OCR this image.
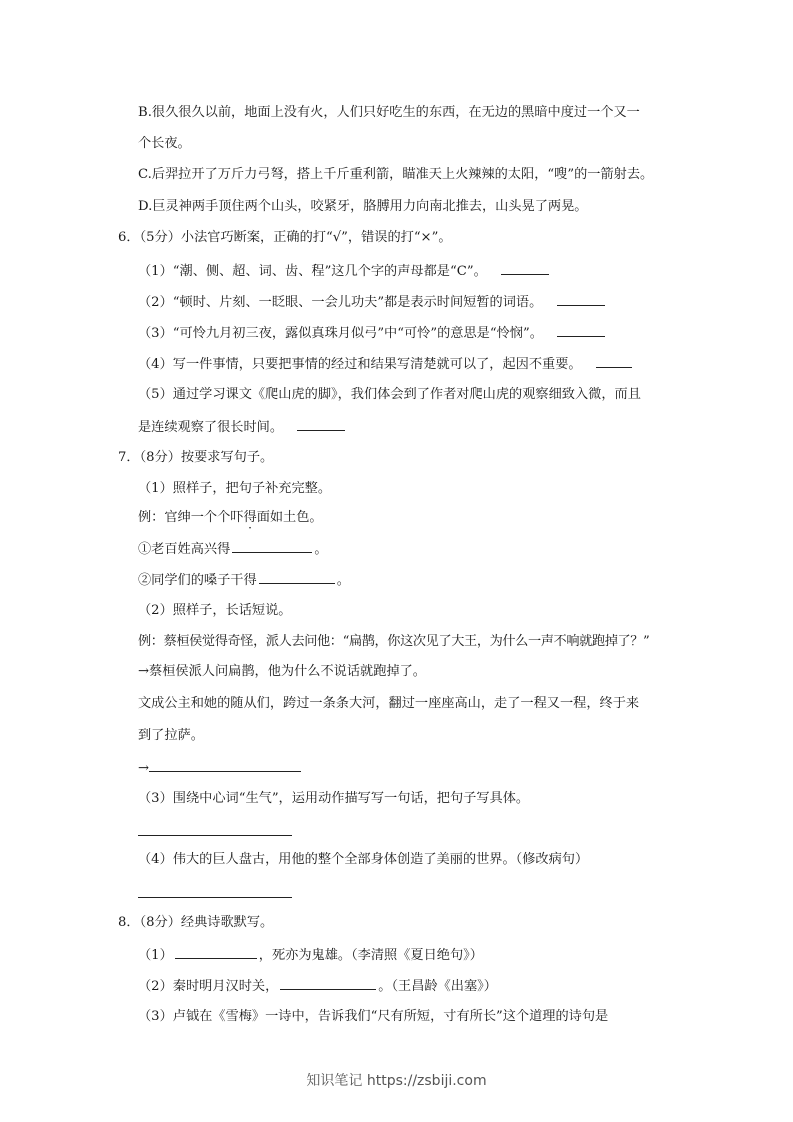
B.很久很久以前，地面上没有火，人们只好吃生的东西，在无边的黑暗中度过一个又一
个长夜。
C.后羿拉开了万斤力弓弩，搭上千斤重利箭，瞄准天上火辣辣的太阳，“嗖”的一箭射去。
D.巨灵神两手顶住两个山头，咬紧牙，胳膊用力向南北推去，山头晃了两晃。
6．（5分）小法官巧断案，正确的打“√”，错误的打“×”。
（1）“潮、侧、超、词、齿、程”这几个字的声母都是“C”。
（2）“顿时、片刻、一眨眼、一会儿功夫”都是表示时间短暂的词语。
（3）“可怜九月初三夜，露似真珠月似弓”中“可怜”的意思是“怜悯”。
（4）写一件事情，只要把事情的经过和结果写清楚就可以了，起因不重要。
（5）通过学习课文《爬山虎的脚》，我们体会到了作者对爬山虎的观察细致入微，而且
是连续观察了很长时间。
7．（8分）按要求写句子。
（1）照样子，把句子补充完整。
例：官绅一个个吓得面如土色。
①老百姓高兴得	。
②同学们的嗓子干得	。
（2）照样子，长话短说。
例：蔡桓侯觉得奇怪，派人去问他：“扁鹊，你这次见了大王，为什么一声不响就跑掉了？”
→蔡桓侯派人问扁鹊，他为什么不说话就跑掉了。
文成公主和她的随从们，跨过一条条大河，翻过一座座高山，走了一程又一程，终于来
到了拉萨。
→
（3）围绕中心词“生气”，运用动作描写写一句话，把句子写具体。
（4）伟大的巨人盘古，用他的整个全部身体创造了美丽的世界。（修改病句）
8．（8分）经典诗歌默写。
（1）	，死亦为鬼雄。（李清照《夏日绝句》）
（2）秦时明月汉时关，	。（王昌龄《出塞》）
（3）卢钺在《雪梅》一诗中，告诉我们“尺有所短，寸有所长”这个道理的诗句是
知识笔记 https://zsbiji.com
